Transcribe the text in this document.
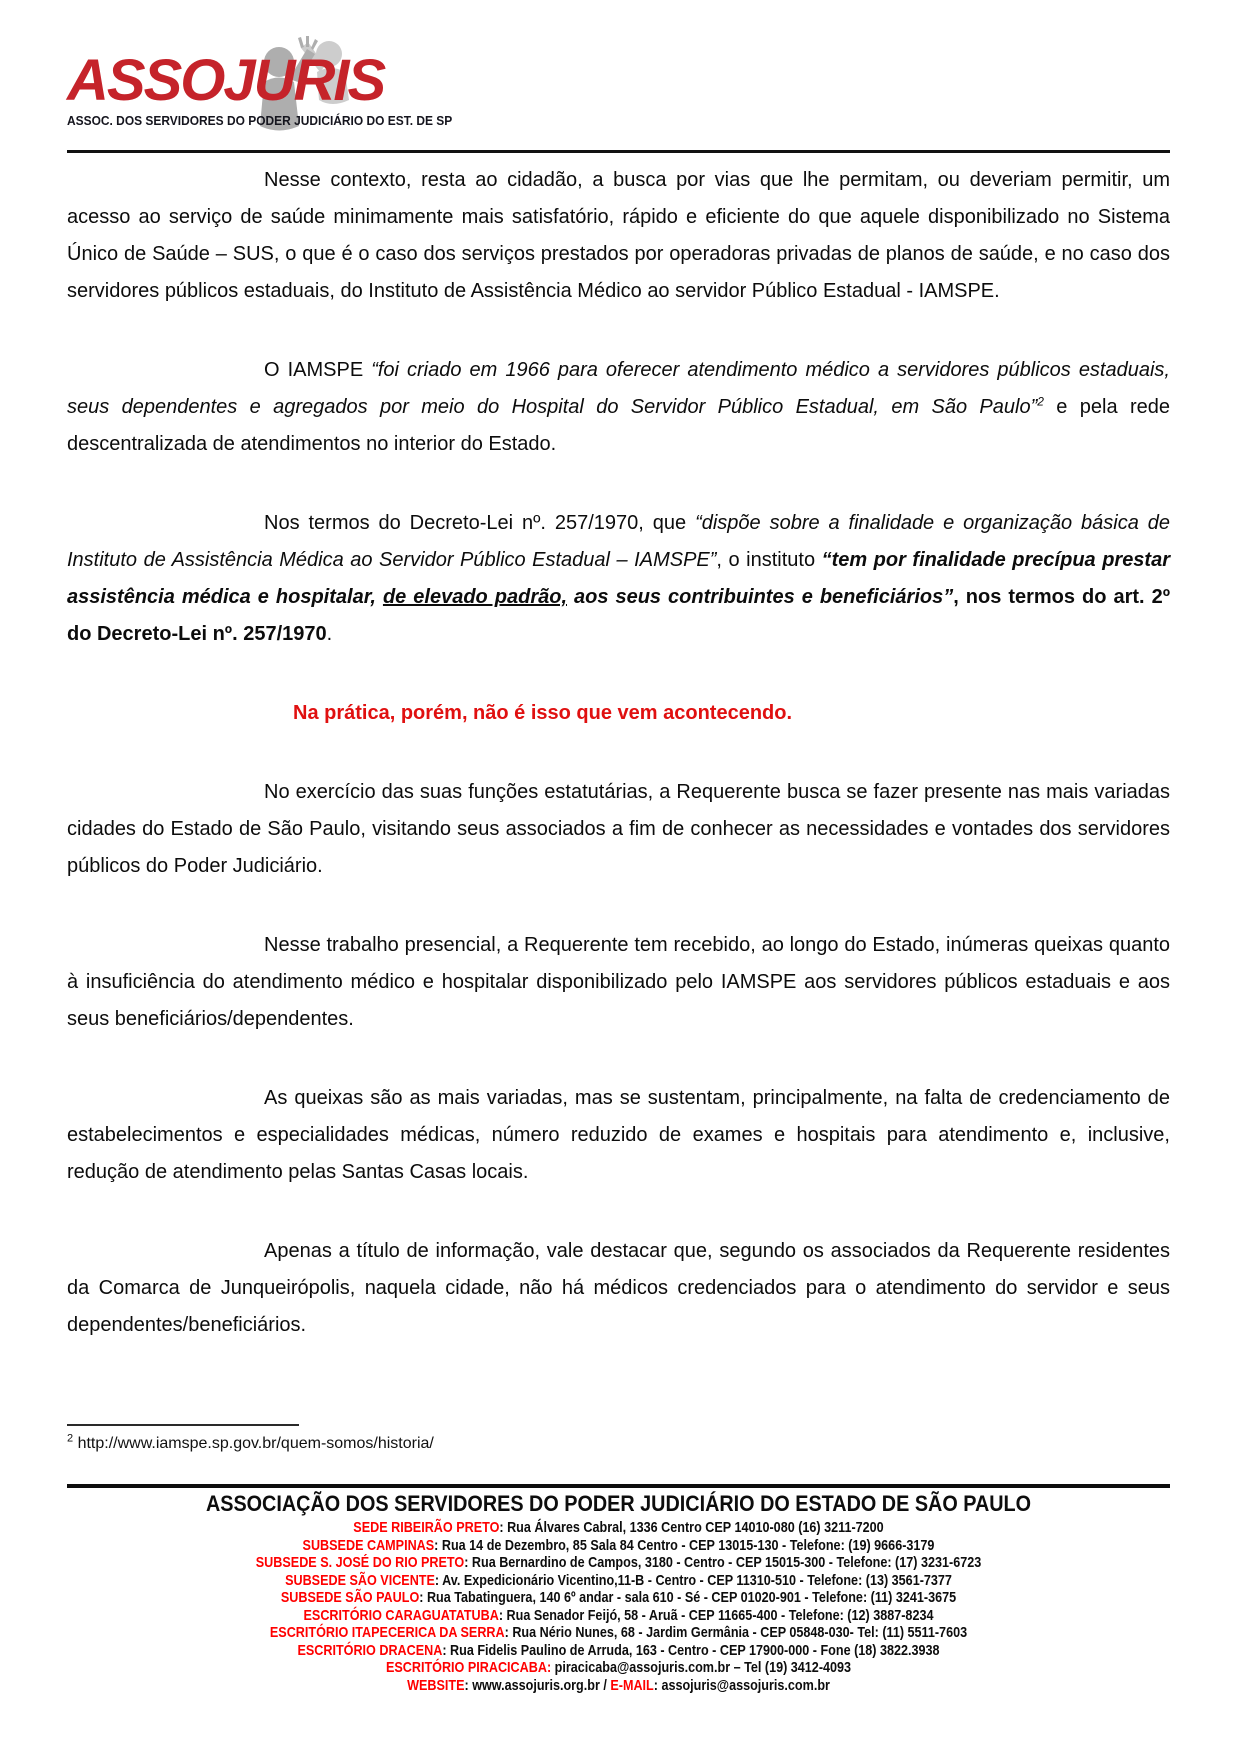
ASSOJURIS
ASSOC. DOS SERVIDORES DO PODER JUDICIÁRIO DO EST. DE SP

Nesse contexto, resta ao cidadão, a busca por vias que lhe permitam, ou deveriam permitir, um acesso ao serviço de saúde minimamente mais satisfatório, rápido e eficiente do que aquele disponibilizado no Sistema Único de Saúde – SUS, o que é o caso dos serviços prestados por operadoras privadas de planos de saúde, e no caso dos servidores públicos estaduais, do Instituto de Assistência Médico ao servidor Público Estadual - IAMSPE.

O IAMSPE “foi criado em 1966 para oferecer atendimento médico a servidores públicos estaduais, seus dependentes e agregados por meio do Hospital do Servidor Público Estadual, em São Paulo”$^2$ e pela rede descentralizada de atendimentos no interior do Estado.

Nos termos do Decreto-Lei nº. 257/1970, que “dispõe sobre a finalidade e organização básica de Instituto de Assistência Médica ao Servidor Público Estadual – IAMSPE”, o instituto “tem por finalidade precípua prestar assistência médica e hospitalar, de elevado padrão, aos seus contribuintes e beneficiários”, nos termos do art. 2º do Decreto-Lei nº. 257/1970.

Na prática, porém, não é isso que vem acontecendo.

No exercício das suas funções estatutárias, a Requerente busca se fazer presente nas mais variadas cidades do Estado de São Paulo, visitando seus associados a fim de conhecer as necessidades e vontades dos servidores públicos do Poder Judiciário.

Nesse trabalho presencial, a Requerente tem recebido, ao longo do Estado, inúmeras queixas quanto à insuficiência do atendimento médico e hospitalar disponibilizado pelo IAMSPE aos servidores públicos estaduais e aos seus beneficiários/dependentes.

As queixas são as mais variadas, mas se sustentam, principalmente, na falta de credenciamento de estabelecimentos e especialidades médicas, número reduzido de exames e hospitais para atendimento e, inclusive, redução de atendimento pelas Santas Casas locais.

Apenas a título de informação, vale destacar que, segundo os associados da Requerente residentes da Comarca de Junqueirópolis, naquela cidade, não há médicos credenciados para o atendimento do servidor e seus dependentes/beneficiários.

$^2$ http://www.iamspe.sp.gov.br/quem-somos/historia/
ASSOCIAÇÃO DOS SERVIDORES DO PODER JUDICIÁRIO DO ESTADO DE SÃO PAULO
SEDE RIBEIRÃO PRETO: Rua Álvares Cabral, 1336 Centro CEP 14010-080 (16) 3211-7200
SUBSEDE CAMPINAS: Rua 14 de Dezembro, 85 Sala 84 Centro - CEP 13015-130 - Telefone: (19) 9666-3179
SUBSEDE S. JOSÉ DO RIO PRETO: Rua Bernardino de Campos, 3180 - Centro - CEP 15015-300 - Telefone: (17) 3231-6723
SUBSEDE SÃO VICENTE: Av. Expedicionário Vicentino,11-B - Centro - CEP 11310-510 - Telefone: (13) 3561-7377
SUBSEDE SÃO PAULO: Rua Tabatinguera, 140 6º andar - sala 610 - Sé - CEP 01020-901 - Telefone: (11) 3241-3675
ESCRITÓRIO CARAGUATATUBA: Rua Senador Feijó, 58 - Aruã - CEP 11665-400 - Telefone: (12) 3887-8234
ESCRITÓRIO ITAPECERICA DA SERRA: Rua Nério Nunes, 68 - Jardim Germânia - CEP 05848-030- Tel: (11) 5511-7603
ESCRITÓRIO DRACENA: Rua Fidelis Paulino de Arruda, 163 - Centro - CEP 17900-000 - Fone (18) 3822.3938
ESCRITÓRIO PIRACICABA: piracicaba@assojuris.com.br – Tel (19) 3412-4093
WEBSITE: www.assojuris.org.br / E-MAIL: assojuris@assojuris.com.br
